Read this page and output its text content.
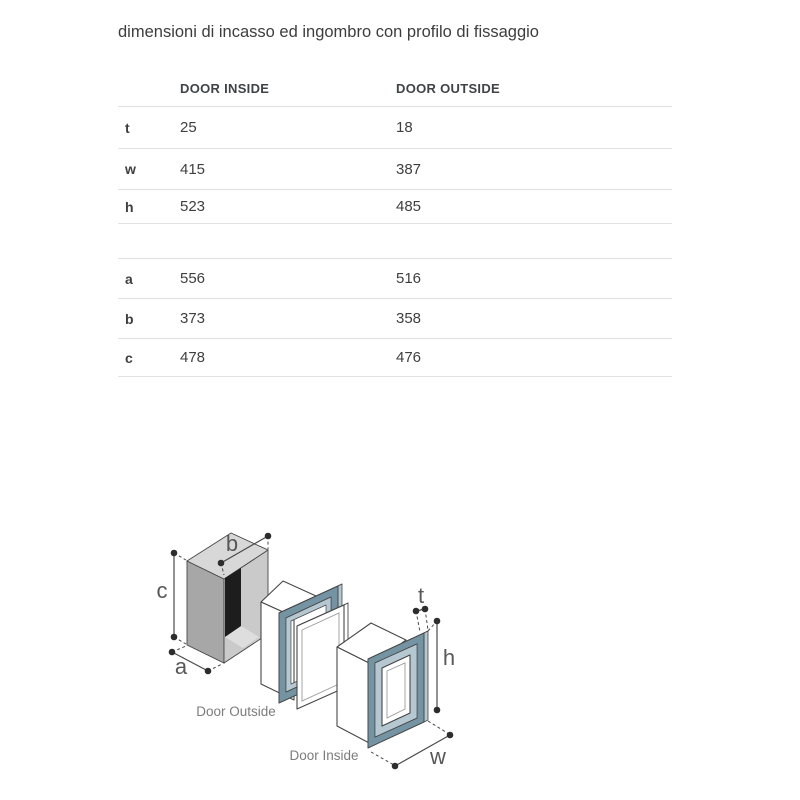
dimensioni di incasso ed ingombro con profilo di fissaggio
DOOR INSIDE	DOOR OUTSIDE
t	25	18
w	415	387
h	523	485
a	556	516
b	373	358
c	478	476
b
c
a
t
h
w
Door Outside
Door Inside
